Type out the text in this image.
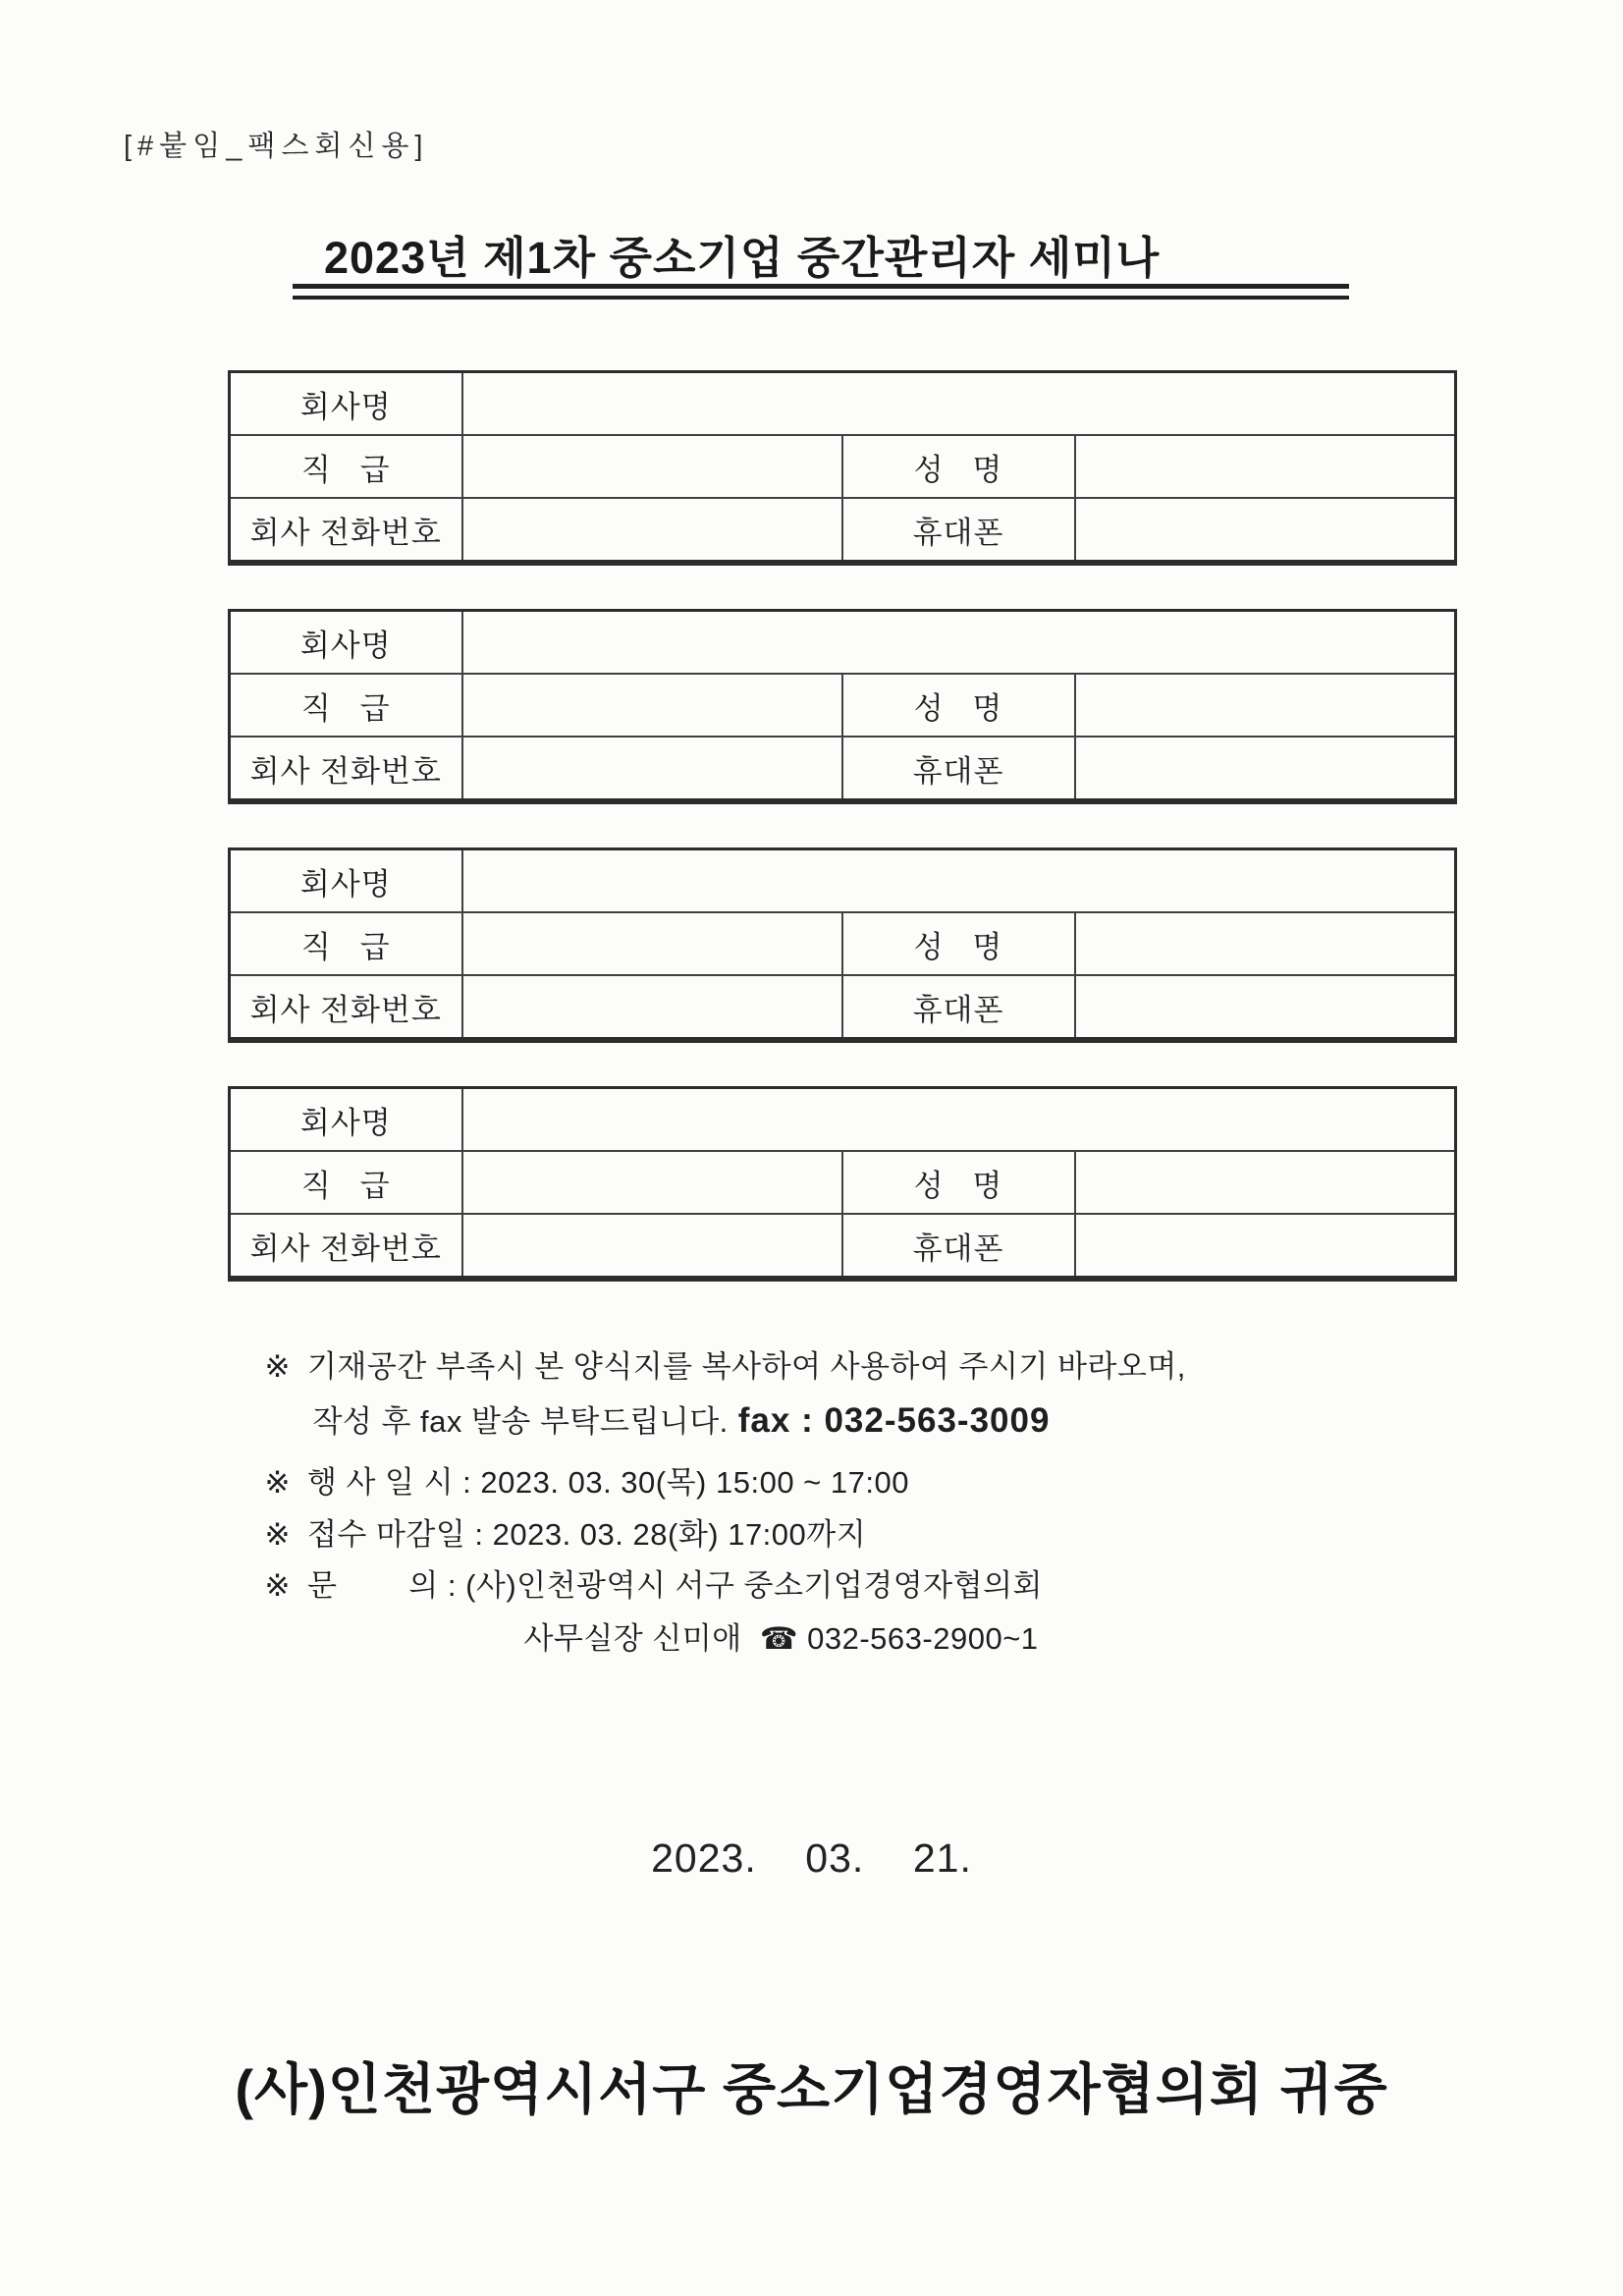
[#붙임_팩스회신용]
2023년 제1차 중소기업 중간관리자 세미나
회사명			
직   급		성   명	
회사 전화번호		휴대폰	
회사명			
직   급		성   명	
회사 전화번호		휴대폰	
회사명			
직   급		성   명	
회사 전화번호		휴대폰	
회사명			
직   급		성   명	
회사 전화번호		휴대폰	

※ 기재공간 부족시 본 양식지를 복사하여 사용하여 주시기 바라오며,

작성 후 fax 발송 부탁드립니다. fax : 032-563-3009

※ 행 사 일 시 : 2023. 03. 30(목) 15:00 ~ 17:00

※ 접수 마감일 : 2023. 03. 28(화) 17:00까지

※ 문        의 : (사)인천광역시 서구 중소기업경영자협의회

사무실장 신미애  ☎ 032-563-2900~1

2023.    03.    21.
(사)인천광역시서구 중소기업경영자협의회 귀중
